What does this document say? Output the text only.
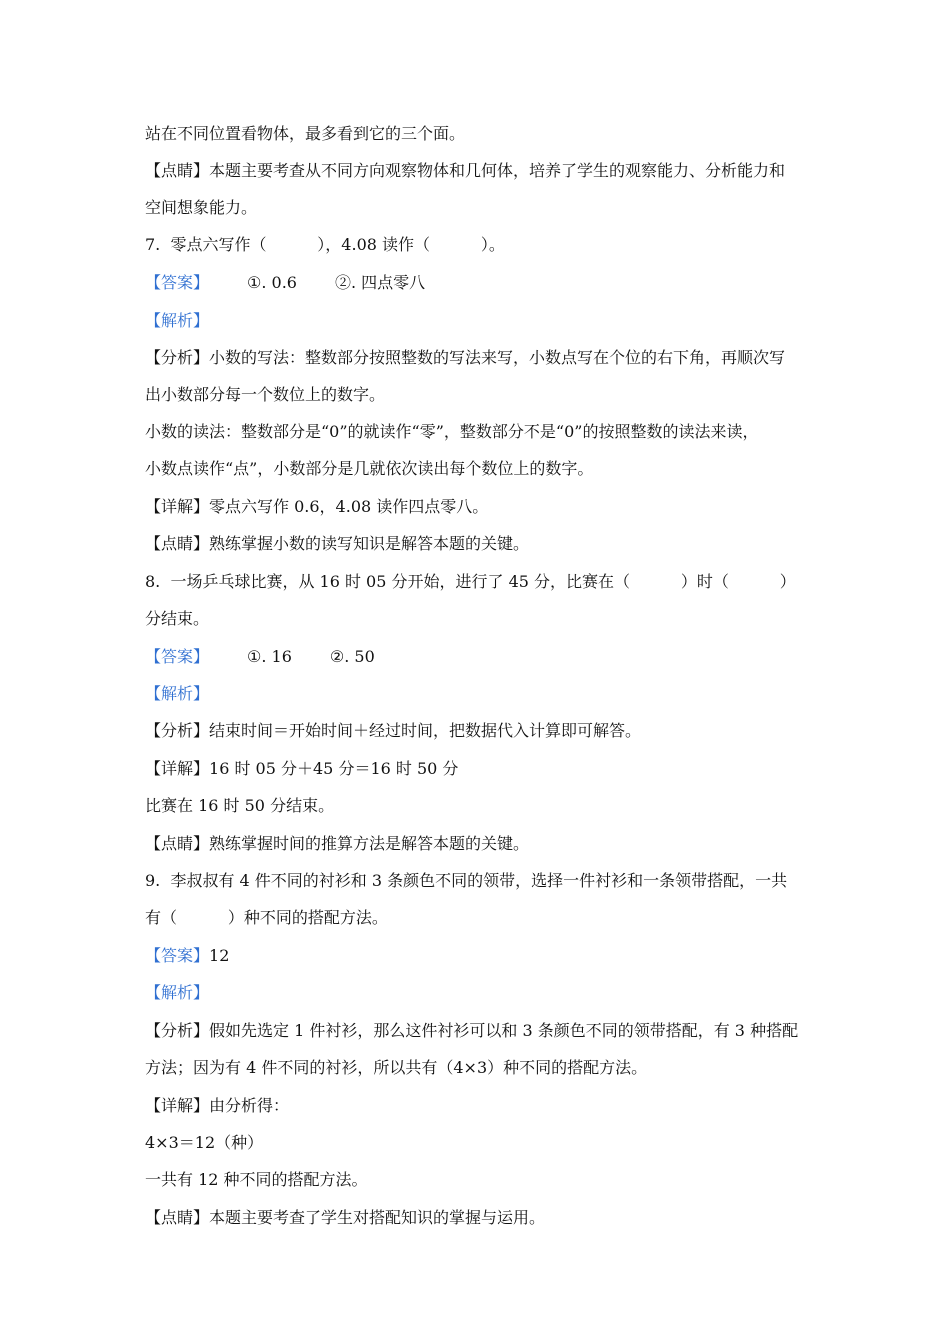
站在不同位置看物体，最多看到它的三个面。
【点睛】本题主要考查从不同方向观察物体和几何体，培养了学生的观察能力、分析能力和
空间想象能力。
7.  零点六写作（          ），4.08 读作（          ）。
【答案】 ①. 0.6 ②. 四点零八
【解析】
【分析】小数的写法：整数部分按照整数的写法来写，小数点写在个位的右下角，再顺次写
出小数部分每一个数位上的数字。
小数的读法：整数部分是“0”的就读作“零”，整数部分不是“0”的按照整数的读法来读，
小数点读作“点”，小数部分是几就依次读出每个数位上的数字。
【详解】零点六写作 0.6，4.08 读作四点零八。
【点睛】熟练掌握小数的读写知识是解答本题的关键。
8.  一场乒乓球比赛，从 16 时 05 分开始，进行了 45 分，比赛在（          ）时（          ）
分结束。
【答案】 ①. 16 ②. 50
【解析】
【分析】结束时间＝开始时间＋经过时间，把数据代入计算即可解答。
【详解】16 时 05 分＋45 分＝16 时 50 分
比赛在 16 时 50 分结束。
【点睛】熟练掌握时间的推算方法是解答本题的关键。
9.  李叔叔有 4 件不同的衬衫和 3 条颜色不同的领带，选择一件衬衫和一条领带搭配，一共
有（          ）种不同的搭配方法。
【答案】12
【解析】
【分析】假如先选定 1 件衬衫，那么这件衬衫可以和 3 条颜色不同的领带搭配，有 3 种搭配
方法；因为有 4 件不同的衬衫，所以共有（4×3）种不同的搭配方法。
【详解】由分析得：
4×3＝12（种）
一共有 12 种不同的搭配方法。
【点睛】本题主要考查了学生对搭配知识的掌握与运用。
